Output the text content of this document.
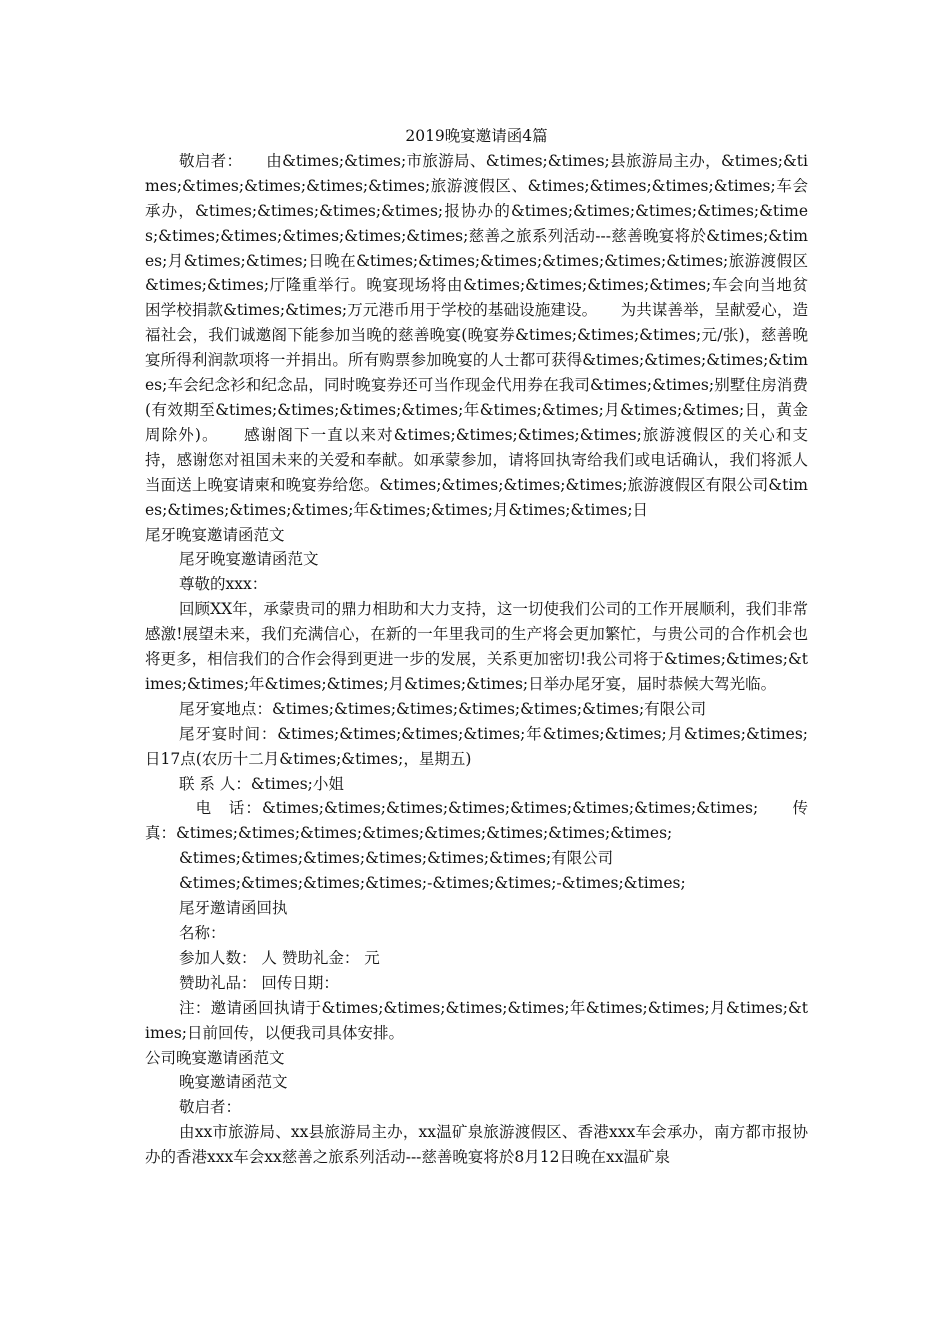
2019晚宴邀请函4篇

敬启者：　　由&times;&times;市旅游局、&times;&times;县旅游局主办，&times;&times;&times;&times;&times;&times;旅游渡假区、&times;&times;&times;&times;车会承办，&times;&times;&times;&times;报协办的&times;&times;&times;&times;&times;&times;&times;&times;&times;&times;慈善之旅系列活动---慈善晚宴将於&times;&times;月&times;&times;日晚在&times;&times;&times;&times;&times;&times;旅游渡假区&times;&times;厅隆重举行。晚宴现场将由&times;&times;&times;&times;车会向当地贫困学校捐款&times;&times;万元港币用于学校的基础设施建设。　　为共谋善举，呈献爱心，造福社会，我们诚邀阁下能参加当晚的慈善晚宴(晚宴券&times;&times;&times;元/张)，慈善晚宴所得利润款项将一并捐出。所有购票参加晚宴的人士都可获得&times;&times;&times;&times;车会纪念衫和纪念品，同时晚宴券还可当作现金代用券在我司&times;&times;别墅住房消费(有效期至&times;&times;&times;&times;年&times;&times;月&times;&times;日，黄金周除外)。　　感谢阁下一直以来对&times;&times;&times;&times;旅游渡假区的关心和支持，感谢您对祖国未来的关爱和奉献。如承蒙参加，请将回执寄给我们或电话确认，我们将派人当面送上晚宴请柬和晚宴券给您。&times;&times;&times;&times;旅游渡假区有限公司&times;&times;&times;&times;年&times;&times;月&times;&times;日

尾牙晚宴邀请函范文

尾牙晚宴邀请函范文

尊敬的xxx：

回顾XX年，承蒙贵司的鼎力相助和大力支持，这一切使我们公司的工作开展顺利，我们非常感激!展望未来，我们充满信心，在新的一年里我司的生产将会更加繁忙，与贵公司的合作机会也将更多，相信我们的合作会得到更进一步的发展，关系更加密切!我公司将于&times;&times;&times;&times;年&times;&times;月&times;&times;日举办尾牙宴，届时恭候大驾光临。

尾牙宴地点：&times;&times;&times;&times;&times;&times;有限公司

尾牙宴时间：&times;&times;&times;&times;年&times;&times;月&times;&times;日17点(农历十二月&times;&times;，星期五)

联 系 人：&times;小姐

　电　话：&times;&times;&times;&times;&times;&times;&times;&times;　　传　真：&times;&times;&times;&times;&times;&times;&times;&times;

&times;&times;&times;&times;&times;&times;有限公司

&times;&times;&times;&times;-&times;&times;-&times;&times;

尾牙邀请函回执

名称：

参加人数： 人 赞助礼金： 元

赞助礼品： 回传日期：

注：邀请函回执请于&times;&times;&times;&times;年&times;&times;月&times;&times;日前回传，以便我司具体安排。

公司晚宴邀请函范文

晚宴邀请函范文

敬启者：

由xx市旅游局、xx县旅游局主办，xx温矿泉旅游渡假区、香港xxx车会承办，南方都市报协办的香港xxx车会xx慈善之旅系列活动---慈善晚宴将於8月12日晚在xx温矿泉
